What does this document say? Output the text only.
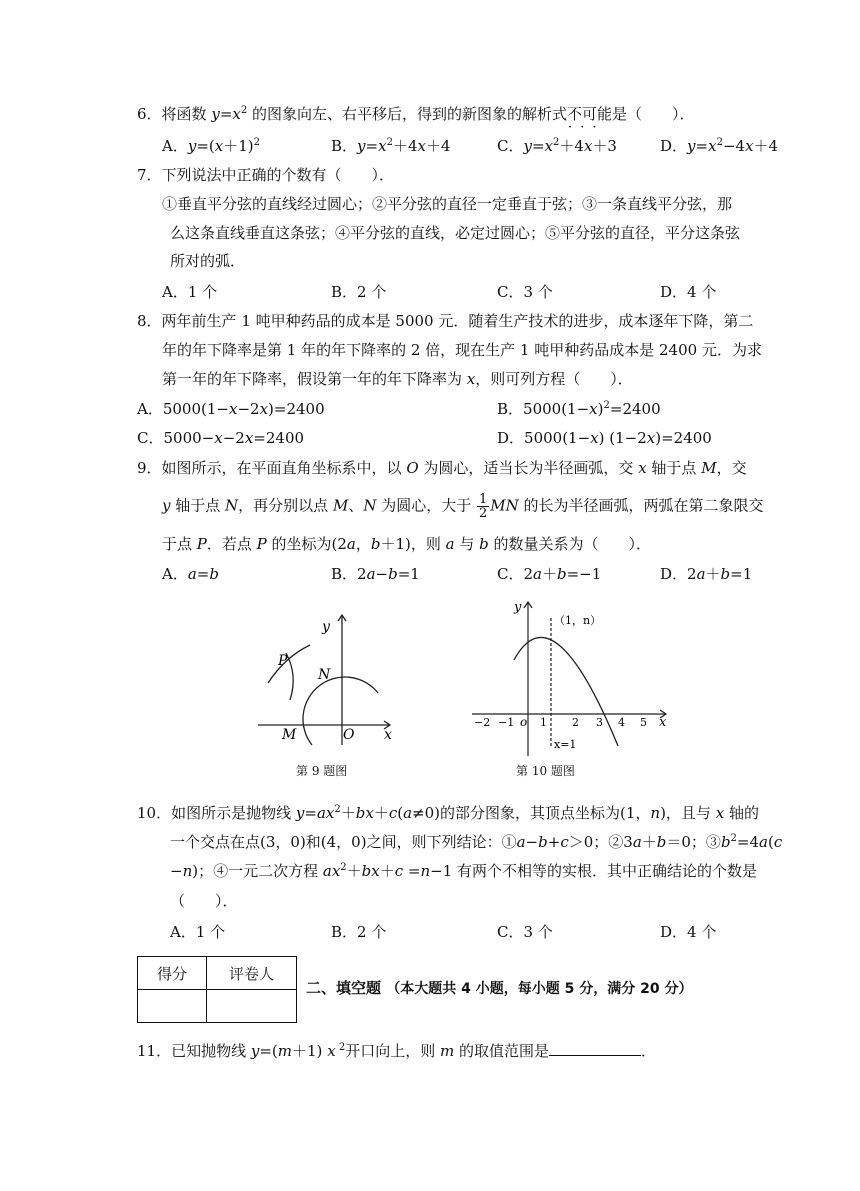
6．将函数 $y=x^2$ 的图象向左、右平移后，得到的新图象的解析式不可能 · · ·是（　　）．
A．$y=(x+1)^2$	B．$y=x^2+4x+4$	C．$y=x^2+4x+3$	D．$y=x^2-4x+4$
7．下列说法中正确的个数有（　　）．
①垂直平分弦的直线经过圆心；②平分弦的直径一定垂直于弦；③一条直线平分弦，那
么这条直线垂直这条弦；④平分弦的直线，必定过圆心；⑤平分弦的直径，平分这条弦
所对的弧．
A．1 个	B．2 个	C．3 个	D．4 个
8．两年前生产 1 吨甲种药品的成本是 5000 元．随着生产技术的进步，成本逐年下降，第二
年的年下降率是第 1 年的年下降率的 2 倍，现在生产 1 吨甲种药品成本是 2400 元．为求
第一年的年下降率，假设第一年的年下降率为 x，则可列方程（　　）．
A．5000(1−x−2x)=2400	B．$5000(1-x)^2=2400$
C．5000−x−2x=2400	D．5000(1−x) (1−2x)=2400
9．如图所示，在平面直角坐标系中，以 O 为圆心，适当长为半径画弧，交 x 轴于点 M，交
y 轴于点 N，再分别以点 M、N 为圆心，大于 $\frac{1}{2}$ MN 的长为半径画弧，两弧在第二象限交
于点 P．若点 P 的坐标为(2a，b＋1)，则 a 与 b 的数量关系为（　　）．
A．a=b	B．2a−b=1	C．2a＋b=−1	D．2a＋b=1
y
x
P
N
M	O
第 9 题图
y
x
o
（1，n）
x=1
−2 −1 1 2 3 4 5
第 10 题图
10．如图所示是抛物线 $y=ax^2+bx+c(a\ne 0)$的部分图象，其顶点坐标为(1，n)，且与 x 轴的
一个交点在点(3，0)和(4，0)之间，则下列结论：①a−b+c＞0；②3a＋b＝0；$③b^2=4a(c$
−n)；④一元二次方程 $ax^2+bx+c =n-1$ 有两个不相等的实根．其中正确结论的个数是
（　　）．
A．1 个	B．2 个	C．3 个	D．4 个
得分	评卷人

二、填空题 （本大题共 4 小题，每小题 5 分，满分 20 分）
11．已知抛物线 y=(m＋1) x $^2$开口向上，则 m 的取值范围是	．
